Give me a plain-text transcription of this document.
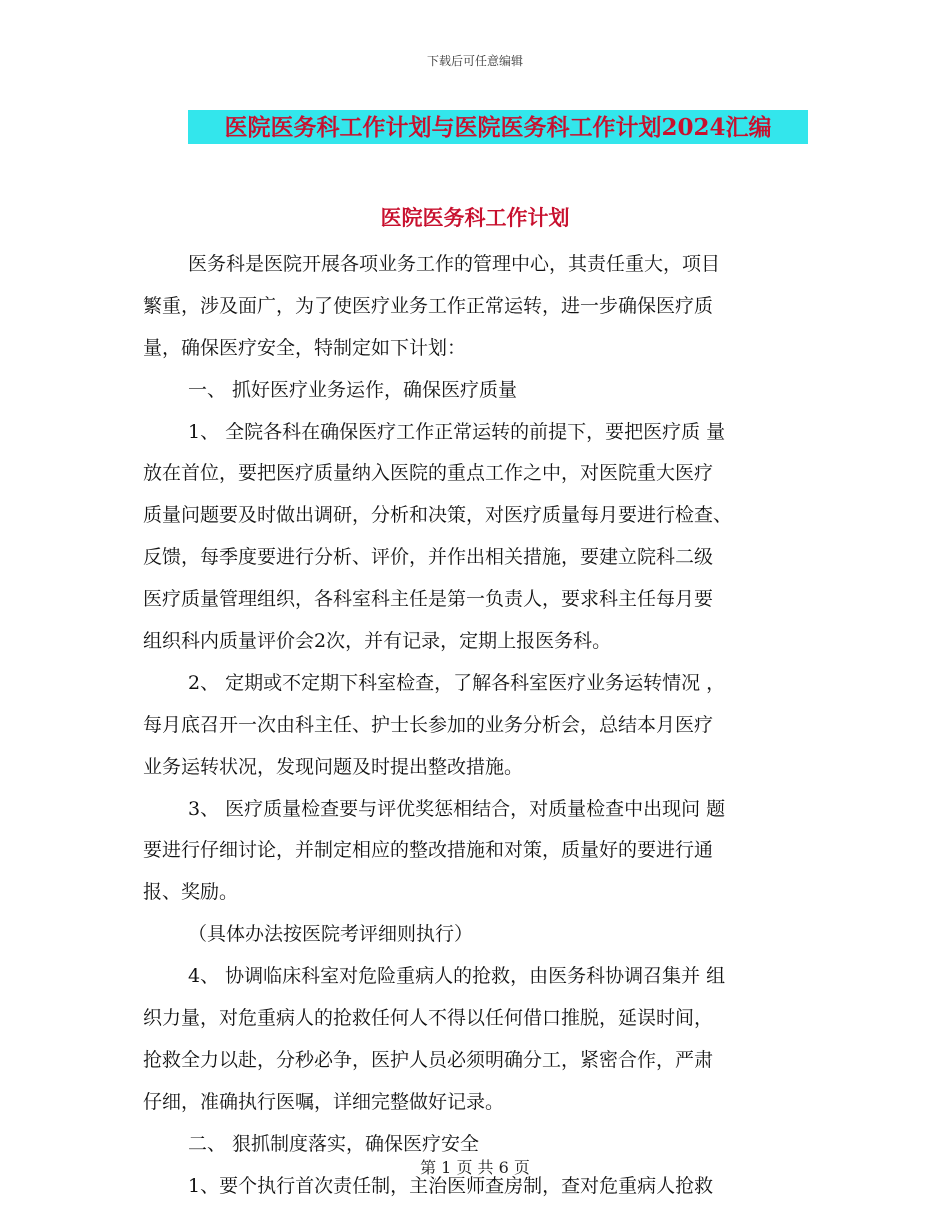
下载后可任意编辑
医院医务科工作计划与医院医务科工作计划2024汇编
医院医务科工作计划
医务科是医院开展各项业务工作的管理中心，其责任重大，项目
繁重，涉及面广，为了使医疗业务工作正常运转，进一步确保医疗质
量，确保医疗安全，特制定如下计划：
一、 抓好医疗业务运作，确保医疗质量
1、 全院各科在确保医疗工作正常运转的前提下，要把医疗质 量
放在首位，要把医疗质量纳入医院的重点工作之中，对医院重大医疗
质量问题要及时做出调研，分析和决策，对医疗质量每月要进行检查、
反馈，每季度要进行分析、评价，并作出相关措施，要建立院科二级
医疗质量管理组织，各科室科主任是第一负责人，要求科主任每月要
组织科内质量评价会2次，并有记录，定期上报医务科。
2、 定期或不定期下科室检查，了解各科室医疗业务运转情况 ，
每月底召开一次由科主任、护士长参加的业务分析会，总结本月医疗
业务运转状况，发现问题及时提出整改措施。
3、 医疗质量检查要与评优奖惩相结合，对质量检查中出现问 题
要进行仔细讨论，并制定相应的整改措施和对策，质量好的要进行通
报、奖励。
（具体办法按医院考评细则执行）
4、 协调临床科室对危险重病人的抢救，由医务科协调召集并 组
织力量，对危重病人的抢救任何人不得以任何借口推脱，延误时间，
抢救全力以赴，分秒必争，医护人员必须明确分工，紧密合作，严肃
仔细，准确执行医嘱，详细完整做好记录。
二、 狠抓制度落实，确保医疗安全
1、要个执行首次责任制，主治医师查房制，查对危重病人抢救
第 1 页 共 6 页
